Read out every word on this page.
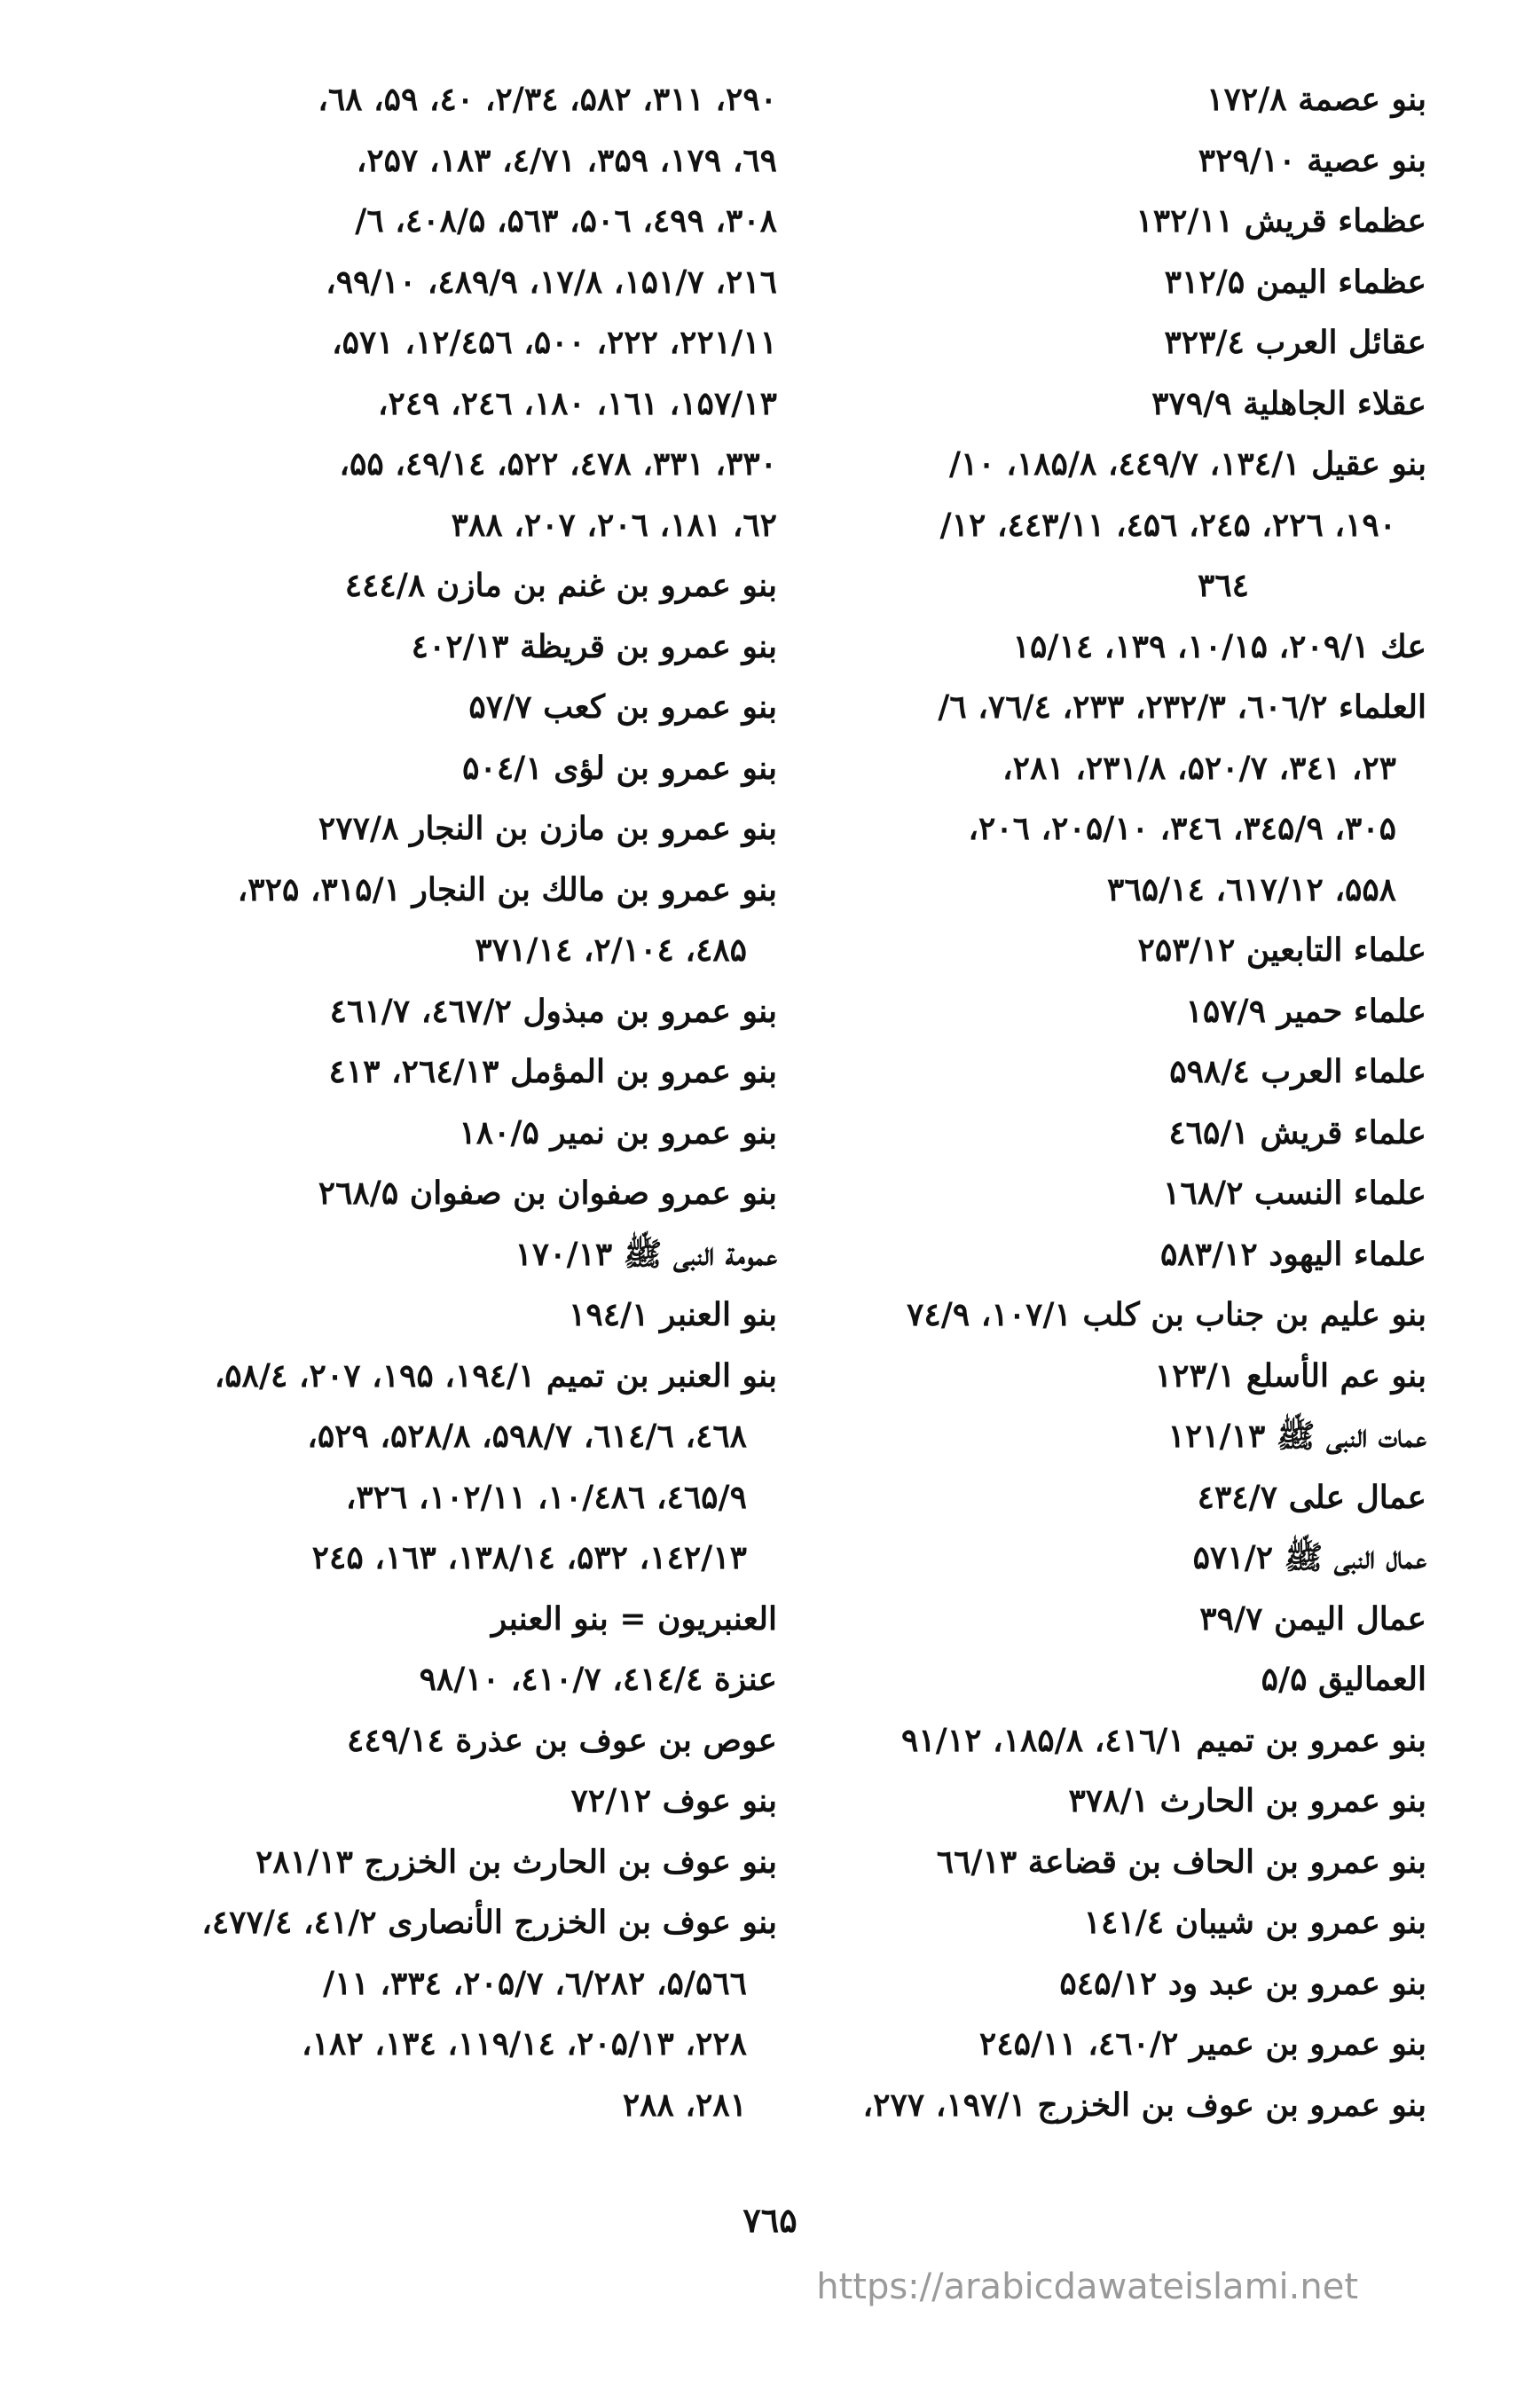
بنو عصمة ۱۷۲/۸
بنو عصية ۳۲۹/۱۰
عظماء قريش ۱۳۲/۱۱
عظماء اليمن ۳۱۲/۵
عقائل العرب ۳۲۳/٤
عقلاء الجاهلية ۳۷۹/۹
بنو عقيل ۱۳٤/۱، ٤٤۹/۷، ۱۸۵/۸، ۱۰/
۱۹۰، ۲۲٦، ۲٤۵، ٤۵٦، ٤٤۳/۱۱، ۱۲/
۳٦٤
عك ۲۰۹/۱، ۱۰/۱۵، ۱۳۹، ۱۵/۱٤
العلماء ٦۰٦/۲، ۲۳۲/۳، ۲۳۳، ۷٦/٤، ٦/
۲۳، ۳٤۱، ۵۲۰/۷، ۲۳۱/۸، ۲۸۱،
۳۰۵، ۳٤۵/۹، ۳٤٦، ۲۰۵/۱۰، ۲۰٦،
۵۵۸، ٦۱۷/۱۲، ۳٦۵/۱٤
علماء التابعين ۲۵۳/۱۲
علماء حمير ۱۵۷/۹
علماء العرب ۵۹۸/٤
علماء قريش ٤٦۵/۱
علماء النسب ۱٦۸/۲
علماء اليهود ۵۸۳/۱۲
بنو عليم بن جناب بن كلب ۱۰۷/۱، ۷٤/۹
بنو عم الأسلع ۱۲۳/۱
عمات النبی ﷺ ۱۲۱/۱۳
عمال علی ٤۳٤/۷
عمال النبی ﷺ ۵۷۱/۲
عمال اليمن ۳۹/۷
العماليق ۵/۵
بنو عمرو بن تميم ٤۱٦/۱، ۱۸۵/۸، ۹۱/۱۲
بنو عمرو بن الحارث ۳۷۸/۱
بنو عمرو بن الحاف بن قضاعة ٦٦/۱۳
بنو عمرو بن شيبان ۱٤۱/٤
بنو عمرو بن عبد ود ۵٤۵/۱۲
بنو عمرو بن عمير ٤٦۰/۲، ۲٤۵/۱۱
بنو عمرو بن عوف بن الخزرج ۱۹۷/۱، ۲۷۷،
۲۹۰، ۳۱۱، ۵۸۲، ۳٤/۲، ٤۰، ۵۹، ٦۸،
٦۹، ۱۷۹، ۳۵۹، ۷۱/٤، ۱۸۳، ۲۵۷،
۳۰۸، ٤۹۹، ۵۰٦، ۵٦۳، ٤۰۸/۵، ٦/
۲۱٦، ۱۵۱/۷، ۱۷/۸، ٤۸۹/۹، ۹۹/۱۰،
۲۲۱/۱۱، ۲۲۲، ۵۰۰، ٤۵٦/۱۲، ۵۷۱،
۱۵۷/۱۳، ۱٦۱، ۱۸۰، ۲٤٦، ۲٤۹،
۳۳۰، ۳۳۱، ٤۷۸، ۵۲۲، ٤۹/۱٤، ۵۵،
٦۲، ۱۸۱، ۲۰٦، ۲۰۷، ۳۸۸
بنو عمرو بن غنم بن مازن ٤٤٤/۸
بنو عمرو بن قريظة ٤۰۲/۱۳
بنو عمرو بن كعب ۵۷/۷
بنو عمرو بن لؤی ۵۰٤/۱
بنو عمرو بن مازن بن النجار ۲۷۷/۸
بنو عمرو بن مالك بن النجار ۳۱۵/۱، ۳۲۵،
٤۸۵، ۱۰٤/۲، ۳۷۱/۱٤
بنو عمرو بن مبذول ٤٦۷/۲، ٤٦۱/۷
بنو عمرو بن المؤمل ۲٦٤/۱۳، ٤۱۳
بنو عمرو بن نمير ۱۸۰/۵
بنو عمرو صفوان بن صفوان ۲٦۸/۵
عمومة النبی ﷺ ۱۷۰/۱۳
بنو العنبر ۱۹٤/۱
بنو العنبر بن تميم ۱۹٤/۱، ۱۹۵، ۲۰۷، ۵۸/٤،
٤٦۸، ٦۱٤/٦، ۵۹۸/۷، ۵۲۸/۸، ۵۲۹،
٤٦۵/۹، ٤۸٦/۱۰، ۱۰۲/۱۱، ۳۲٦،
۱٤۲/۱۳، ۵۳۲، ۱۳۸/۱٤، ۱٦۳، ۲٤۵
العنبريون = بنو العنبر
عنزة ٤۱٤/٤، ٤۱۰/۷، ۹۸/۱۰
عوص بن عوف بن عذرة ٤٤۹/۱٤
بنو عوف ۷۲/۱۲
بنو عوف بن الحارث بن الخزرج ۲۸۱/۱۳
بنو عوف بن الخزرج الأنصاری ٤۱/۲، ٤۷۷/٤،
۵٦٦/۵، ۲۸۲/٦، ۲۰۵/۷، ۳۳٤، ۱۱/
۲۲۸، ۲۰۵/۱۳، ۱۱۹/۱٤، ۱۳٤، ۱۸۲،
۲۸۱، ۲۸۸
۷٦۵
https://arabicdawateislami.net
